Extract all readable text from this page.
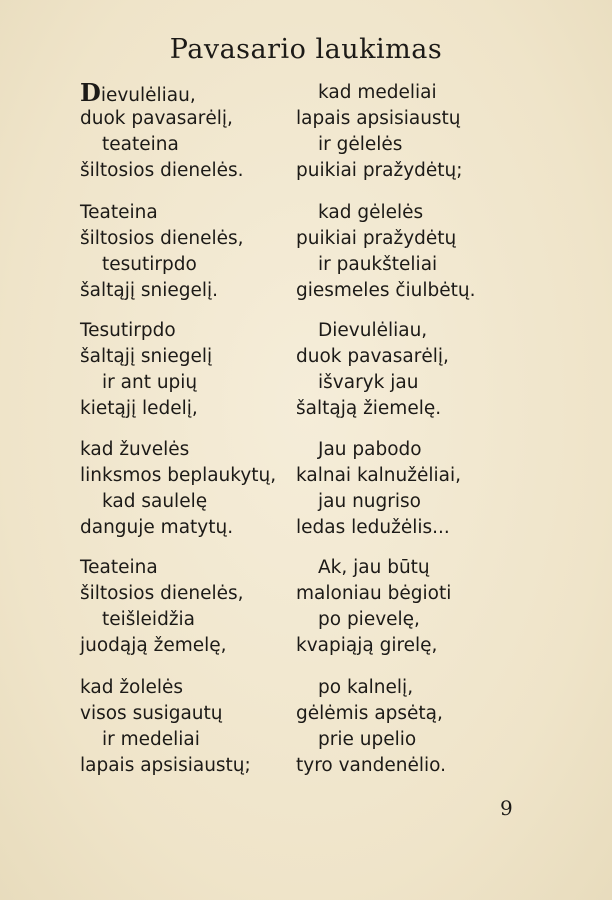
Pavasario laukimas
Dievulėliau,
duok pavasarėlį,
teateina
šiltosios dienelės.
Teateina
šiltosios dienelės,
tesutirpdo
šaltąjį sniegelį.
Tesutirpdo
šaltąjį sniegelį
ir ant upių
kietąjį ledelį,
kad žuvelės
linksmos beplaukytų,
kad saulelę
danguje matytų.
Teateina
šiltosios dienelės,
teišleidžia
juodąją žemelę,
kad žolelės
visos susigautų
ir medeliai
lapais apsisiaustų;
kad medeliai
lapais apsisiaustų
ir gėlelės
puikiai pražydėtų;
kad gėlelės
puikiai pražydėtų
ir paukšteliai
giesmeles čiulbėtų.
Dievulėliau,
duok pavasarėlį,
išvaryk jau
šaltąją žiemelę.
Jau pabodo
kalnai kalnužėliai,
jau nugriso
ledas ledužėlis...
Ak, jau būtų
maloniau bėgioti
po pievelę,
kvapiąją girelę,
po kalnelį,
gėlėmis apsėtą,
prie upelio
tyro vandenėlio.
9
